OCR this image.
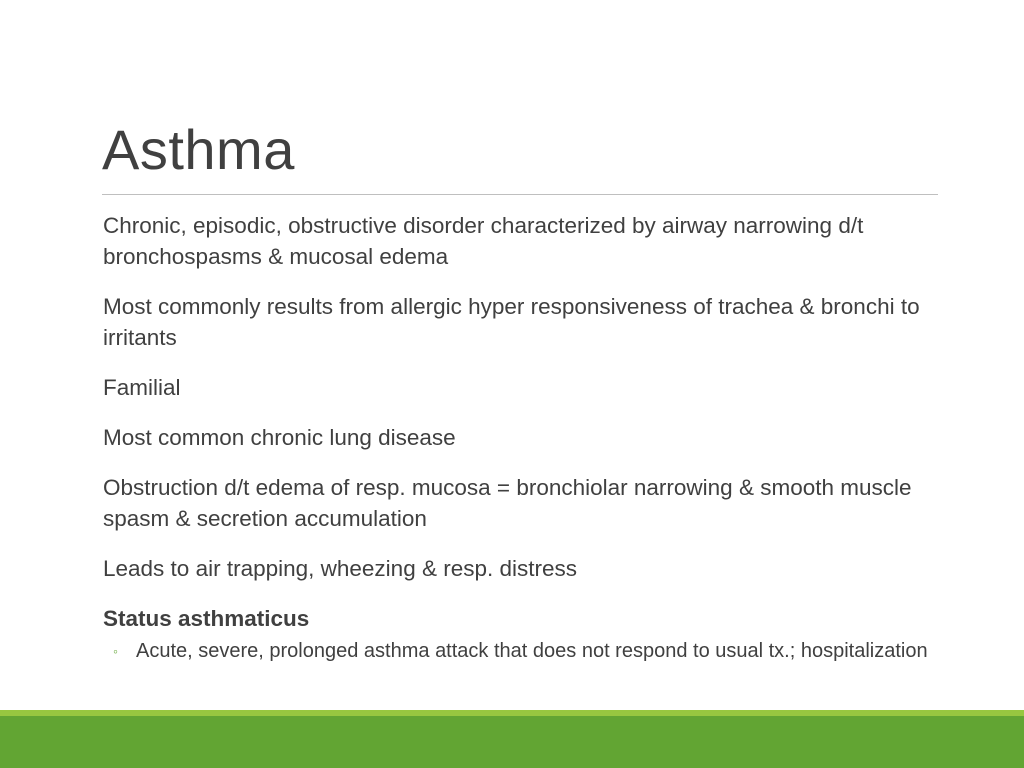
Asthma

Chronic, episodic, obstructive disorder characterized by airway narrowing d/t bronchospasms & mucosal edema

Most commonly results from allergic hyper responsiveness of trachea & bronchi to irritants

Familial

Most common chronic lung disease

Obstruction d/t edema of resp. mucosa = bronchiolar narrowing & smooth muscle spasm & secretion accumulation

Leads to air trapping, wheezing & resp. distress

Status asthmaticus

◦ Acute, severe, prolonged asthma attack that does not respond to usual tx.; hospitalization
